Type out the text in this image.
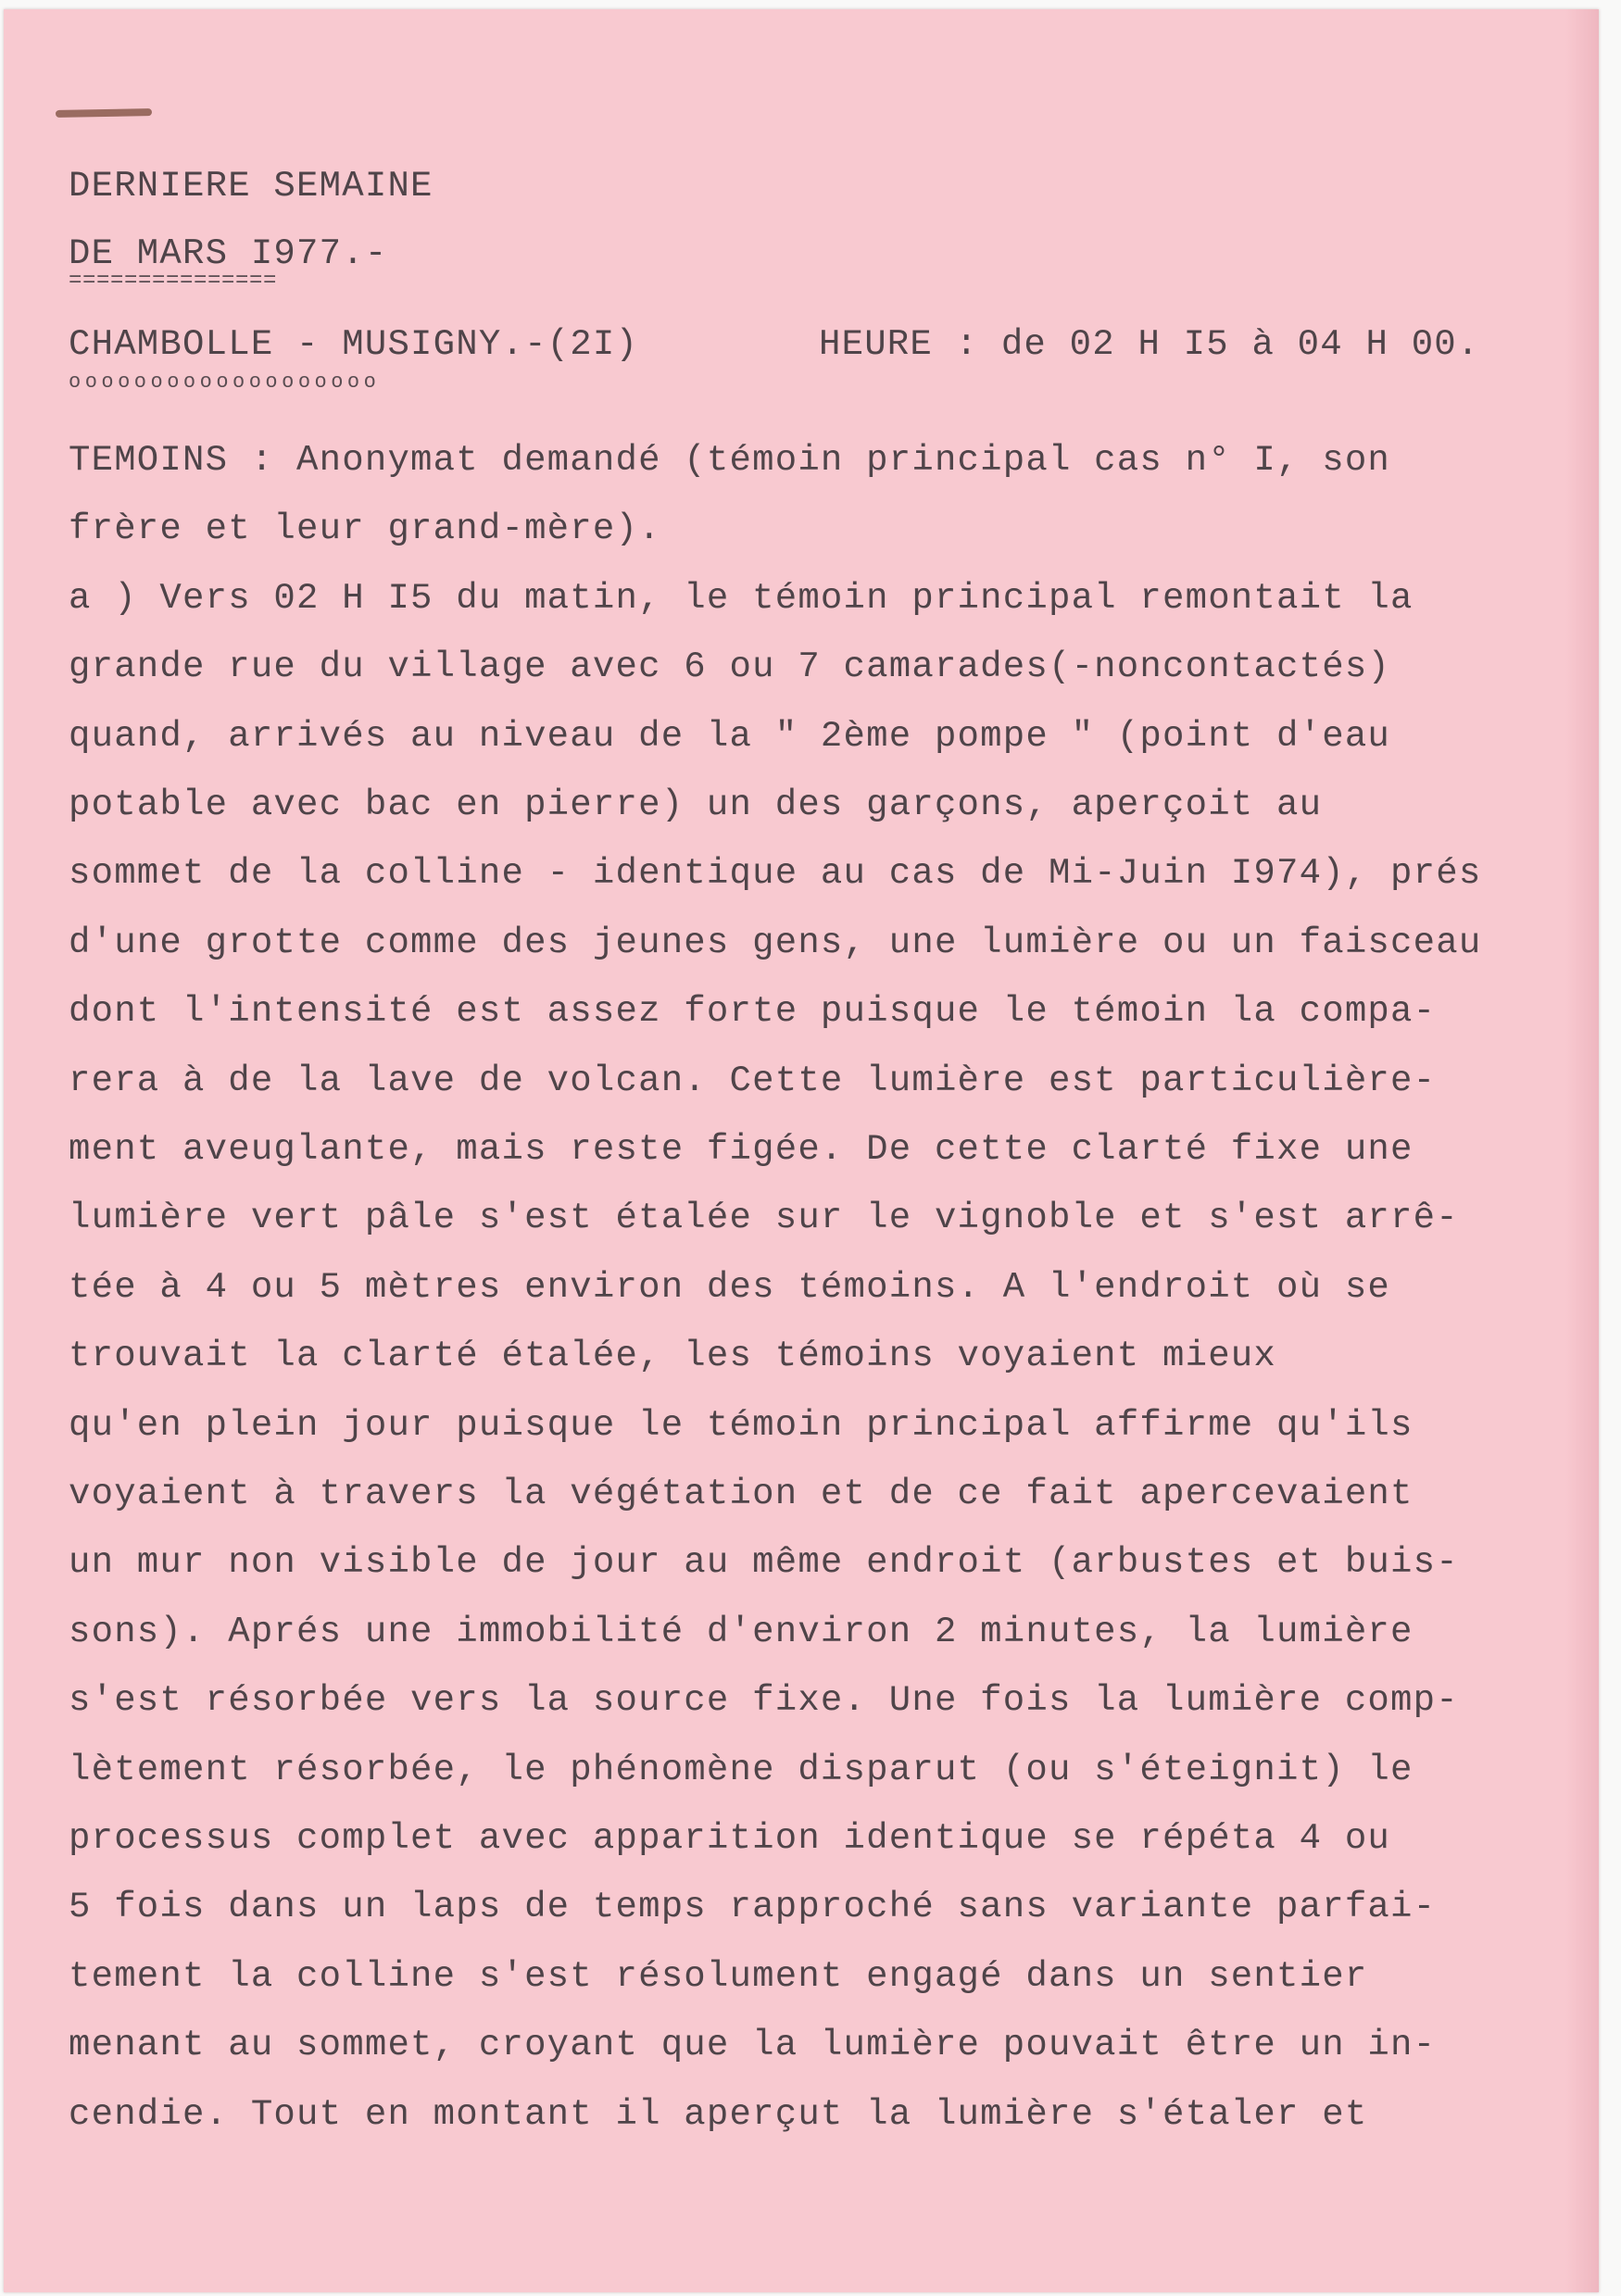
DERNIERE SEMAINE

DE MARS I977.-

===============

CHAMBOLLE - MUSIGNY.-(2I)	HEURE : de 02 H I5 à 04 H 00.

ooooooooooooooooooo

TEMOINS : Anonymat demandé (témoin principal cas n° I, son

frère et leur grand-mère).

a ) Vers 02 H I5 du matin, le témoin principal remontait la

grande rue du village avec 6 ou 7 camarades(-noncontactés)

quand, arrivés au niveau de la " 2ème pompe " (point d'eau

potable avec bac en pierre) un des garçons, aperçoit au

sommet de la colline - identique au cas de Mi-Juin I974), prés

d'une grotte comme des jeunes gens, une lumière ou un faisceau

dont l'intensité est assez forte puisque le témoin la compa-

rera à de la lave de volcan. Cette lumière est particulière-

ment aveuglante, mais reste figée. De cette clarté fixe une

lumière vert pâle s'est étalée sur le vignoble et s'est arrê-

tée à 4 ou 5 mètres environ des témoins. A l'endroit où se

trouvait la clarté étalée, les témoins voyaient mieux

qu'en plein jour puisque le témoin principal affirme qu'ils

voyaient à travers la végétation et de ce fait apercevaient

un mur non visible de jour au même endroit (arbustes et buis-

sons). Aprés une immobilité d'environ 2 minutes, la lumière

s'est résorbée vers la source fixe. Une fois la lumière comp-

lètement résorbée, le phénomène disparut (ou s'éteignit) le

processus complet avec apparition identique se répéta 4 ou

5 fois dans un laps de temps rapproché sans variante parfai-

tement la colline s'est résolument engagé dans un sentier

menant au sommet, croyant que la lumière pouvait être un in-

cendie. Tout en montant il aperçut la lumière s'étaler et
